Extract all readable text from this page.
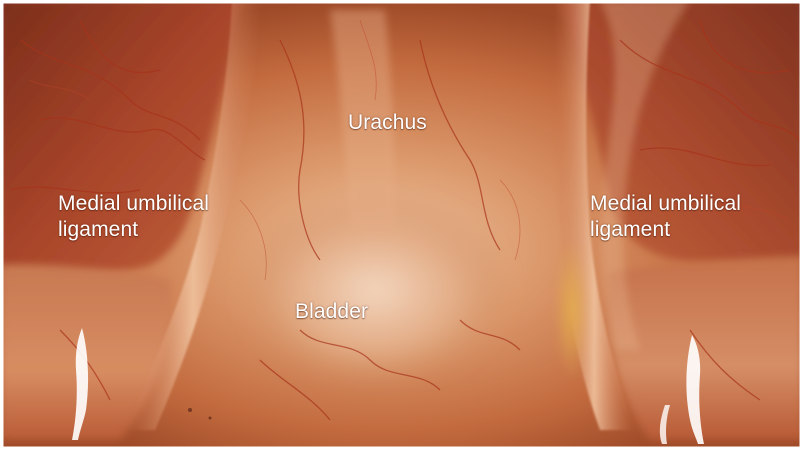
Urachus
Bladder
Medial umbilical
ligament
Medial umbilical
ligament
